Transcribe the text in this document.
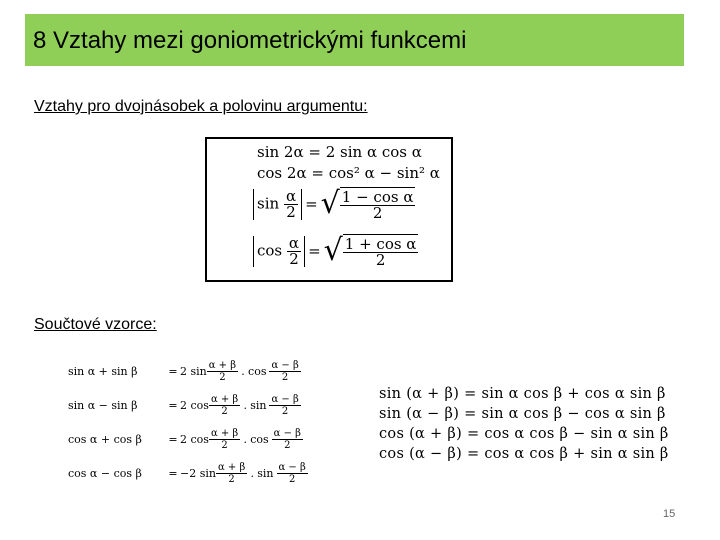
8 Vztahy mezi goniometrickými funkcemi

Vztahy pro dvojnásobek a polovinu argumentu:

sin 2α = 2 sin α cos α
cos 2α = cos² α − sin² α
$\sin \frac{\alpha}{2}$ = √ $\frac{\text{1 − cos α}}{2}$
$\cos \frac{\alpha}{2}$ = √ $\frac{\text{1 + cos α}}{2}$

Součtové vzorce:

sin α + sin β	= 2 $\sin \frac{\alpha + \beta}{2}$ . $\cos \frac{\alpha - \beta}{2}$
sin α − sin β	= 2 $\cos \frac{\alpha + \beta}{2}$ . $\sin \frac{\alpha - \beta}{2}$
cos α + cos β	= 2 $\cos \frac{\alpha + \beta}{2}$ . $\cos \frac{\alpha - \beta}{2}$
cos α − cos β	= −2 $\sin \frac{\alpha + \beta}{2}$ . $\sin \frac{\alpha - \beta}{2}$
sin (α + β) = sin α cos β + cos α sin β
sin (α − β) = sin α cos β − cos α sin β
cos (α + β) = cos α cos β − sin α sin β
cos (α − β) = cos α cos β + sin α sin β
15
